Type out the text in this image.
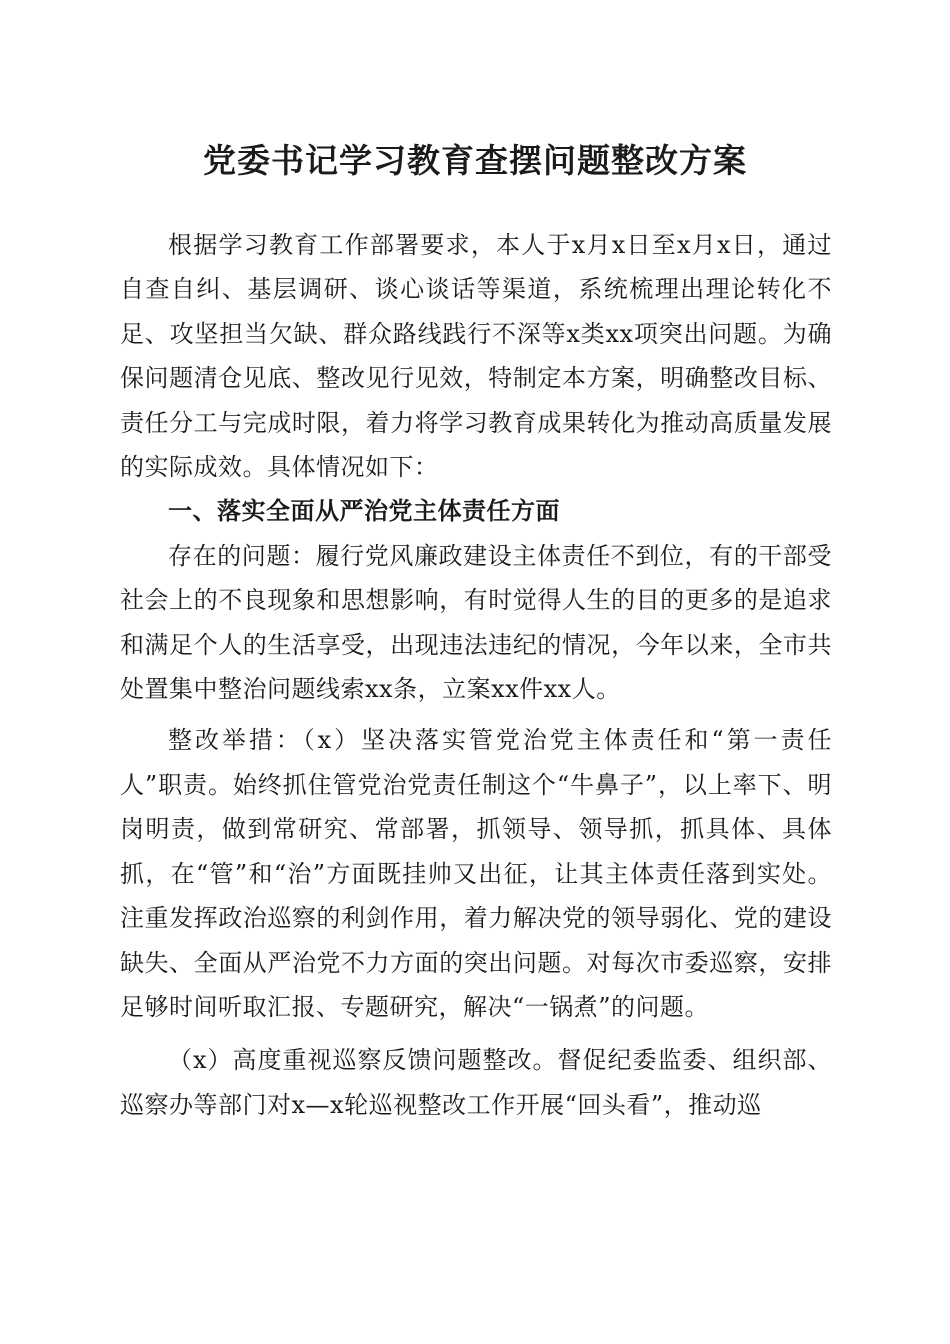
党委书记学习教育查摆问题整改方案

根据学习教育工作部署要求，本人于x月x日至x月x日，通过自查自纠、基层调研、谈心谈话等渠道，系统梳理出理论转化不足、攻坚担当欠缺、群众路线践行不深等x类xx项突出问题。为确保问题清仓见底、整改见行见效，特制定本方案，明确整改目标、责任分工与完成时限，着力将学习教育成果转化为推动高质量发展的实际成效。具体情况如下：

一、落实全面从严治党主体责任方面

存在的问题：履行党风廉政建设主体责任不到位，有的干部受社会上的不良现象和思想影响，有时觉得人生的目的更多的是追求和满足个人的生活享受，出现违法违纪的情况，今年以来，全市共处置集中整治问题线索xx条，立案xx件xx人。

整改举措：（x）坚决落实管党治党主体责任和“第一责任人”职责。始终抓住管党治党责任制这个“牛鼻子”，以上率下、明岗明责，做到常研究、常部署，抓领导、领导抓，抓具体、具体抓，在“管”和“治”方面既挂帅又出征，让其主体责任落到实处。注重发挥政治巡察的利剑作用，着力解决党的领导弱化、党的建设缺失、全面从严治党不力方面的突出问题。对每次市委巡察，安排足够时间听取汇报、专题研究，解决“一锅煮”的问题。

（x）高度重视巡察反馈问题整改。督促纪委监委、组织部、巡察办等部门对x—x轮巡视整改工作开展“回头看”，推动巡
